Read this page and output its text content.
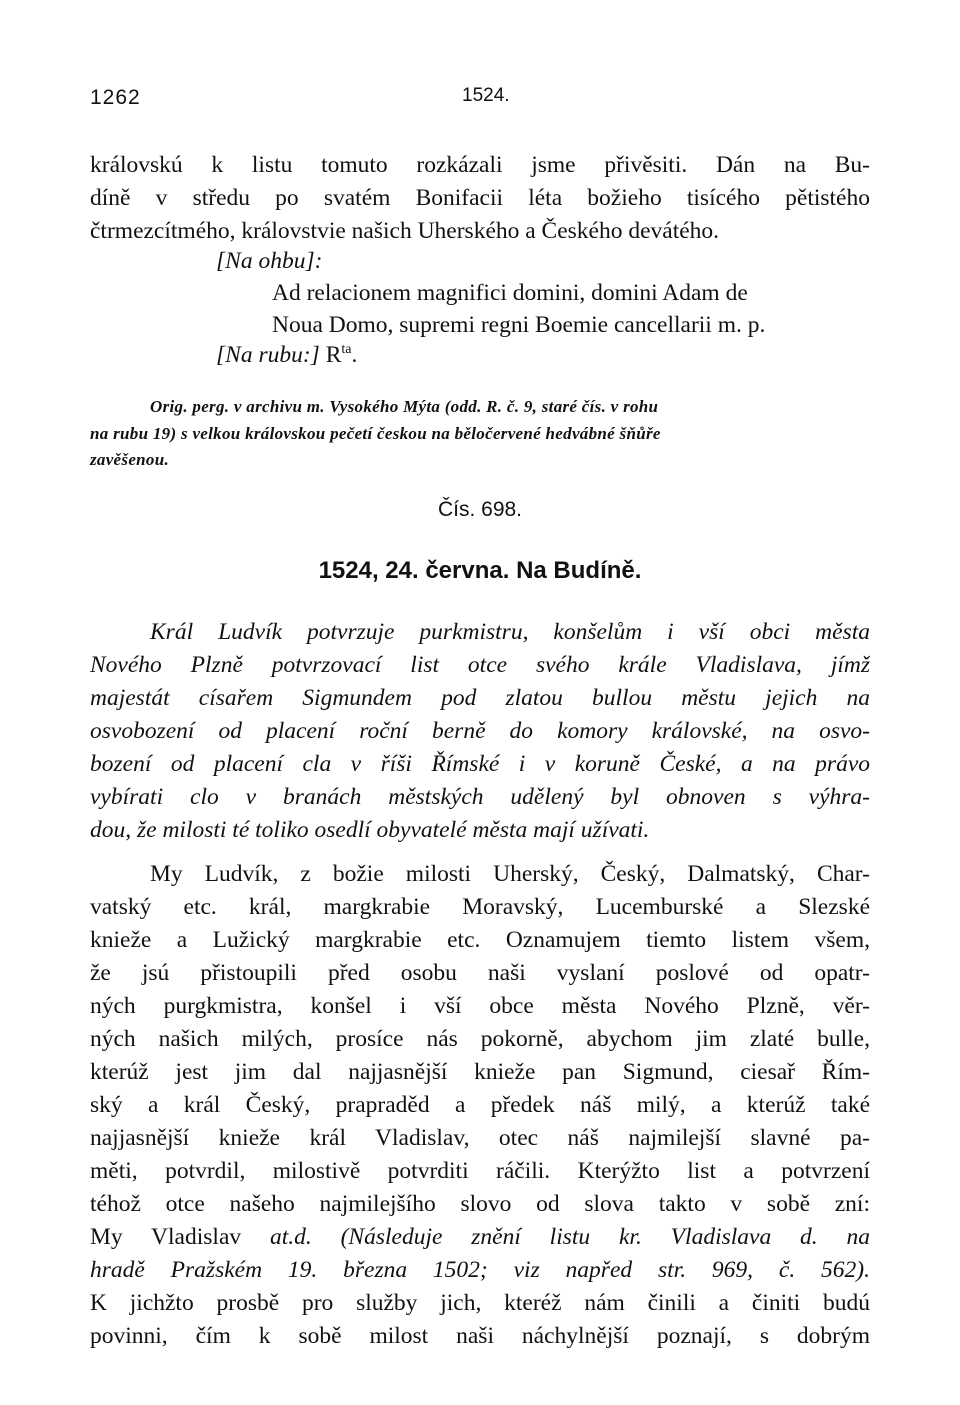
1262	1524.
královskú k listu tomuto rozkázali jsme přivěsiti. Dán na Bu-
díně v středu po svatém Bonifacii léta božieho tisícého pětistého
čtrmezcítmého, královstvie našich Uherského a Českého devátého.
[Na ohbu]:
Ad relacionem magnifici domini, domini Adam de
Noua Domo, supremi regni Boemie cancellarii m. p.
[Na rubu:] $R^{ta}$.
Orig. perg. v archivu m. Vysokého Mýta (odd. R. č. 9, staré čís. v rohu
na rubu 19) s velkou královskou pečetí českou na běločervené hedvábné šňůře
zavěšenou.
Čís. 698.
1524, 24. června. Na Budíně.
Král Ludvík potvrzuje purkmistru, konšelům i vší obci města
Nového Plzně potvrzovací list otce svého krále Vladislava, jímž
majestát císařem Sigmundem pod zlatou bullou městu jejich na
osvobození od placení roční berně do komory královské, na osvo-
bození od placení cla v říši Římské i v koruně České, a na právo
vybírati clo v branách městských udělený byl obnoven s výhra-
dou, že milosti té toliko osedlí obyvatelé města mají užívati.
My Ludvík, z božie milosti Uherský, Český, Dalmatský, Char-
vatský etc. král, margkrabie Moravský, Lucemburské a Slezské
knieže a Lužický margkrabie etc. Oznamujem tiemto listem všem,
že jsú přistoupili před osobu naši vyslaní poslové od opatr-
ných purgkmistra, konšel i vší obce města Nového Plzně, věr-
ných našich milých, prosíce nás pokorně, abychom jim zlaté bulle,
kterúž jest jim dal najjasnější knieže pan Sigmund, ciesař Řím-
ský a král Český, prapraděd a předek náš milý, a kterúž také
najjasnější knieže král Vladislav, otec náš najmilejší slavné pa-
měti, potvrdil, milostivě potvrditi ráčili. Kterýžto list a potvrzení
téhož otce našeho najmilejšího slovo od slova takto v sobě zní:
My Vladislav at.d. (Následuje znění listu kr. Vladislava d. na
hradě Pražském 19. března 1502; viz napřed str. 969, č. 562).
K jichžto prosbě pro služby jich, kteréž nám činili a činiti budú
povinni, čím k sobě milost naši náchylnější poznají, s dobrým
